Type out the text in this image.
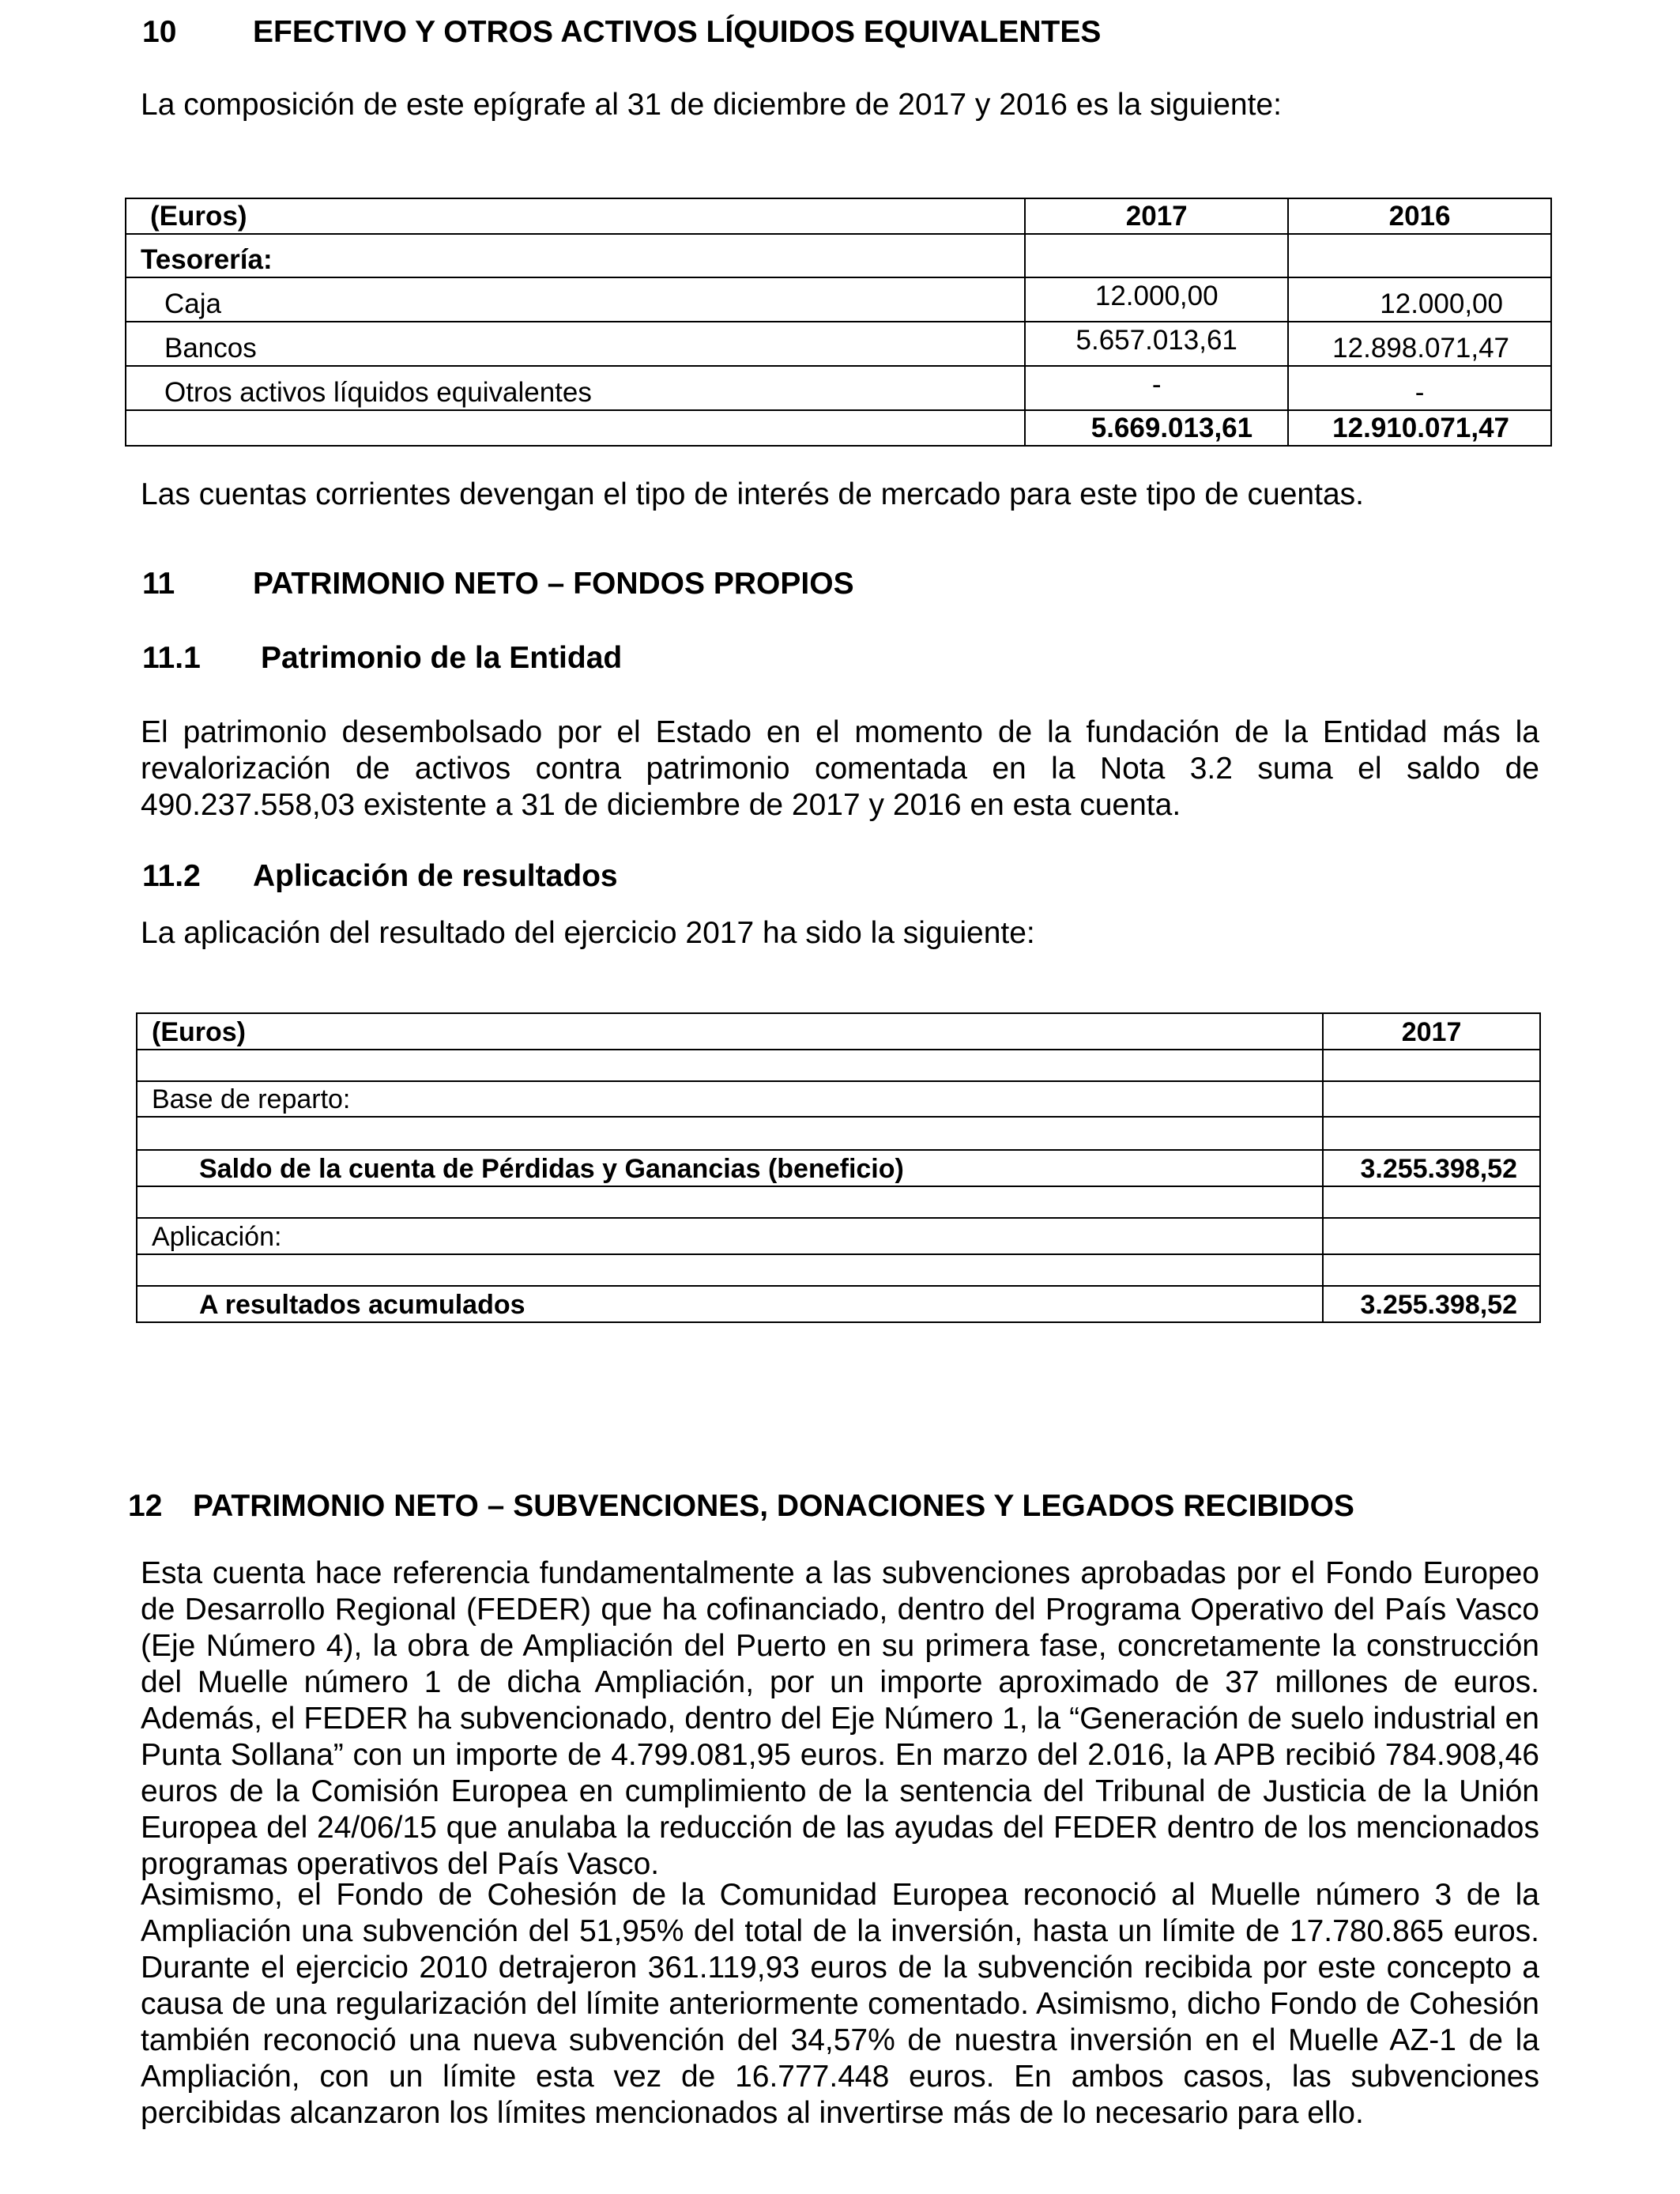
10 EFECTIVO Y OTROS ACTIVOS LÍQUIDOS EQUIVALENTES
La composición de este epígrafe al 31 de diciembre de 2017 y 2016 es la siguiente:
(Euros)	2017	2016
Tesorería:		
Caja	12.000,00	12.000,00
Bancos	5.657.013,61	12.898.071,47
Otros activos líquidos equivalentes	-	-
	5.669.013,61	12.910.071,47
Las cuentas corrientes devengan el tipo de interés de mercado para este tipo de cuentas.
11	PATRIMONIO NETO – FONDOS PROPIOS
11.1 Patrimonio de la Entidad
El patrimonio desembolsado por el Estado en el momento de la fundación de la Entidad más la revalorización de activos contra patrimonio comentada en la Nota 3.2 suma el saldo de 490.237.558,03 existente a 31 de diciembre de 2017 y 2016 en esta cuenta.
11.2 Aplicación de resultados
La aplicación del resultado del ejercicio 2017 ha sido la siguiente:
(Euros)	2017

Base de reparto:	

Saldo de la cuenta de Pérdidas y Ganancias (beneficio)	3.255.398,52

Aplicación:	

A resultados acumulados	3.255.398,52
12 PATRIMONIO NETO – SUBVENCIONES, DONACIONES Y LEGADOS RECIBIDOS
Esta cuenta hace referencia fundamentalmente a las subvenciones aprobadas por el Fondo Europeo de Desarrollo Regional (FEDER) que ha cofinanciado, dentro del Programa Operativo del País Vasco (Eje Número 4), la obra de Ampliación del Puerto en su primera fase, concretamente la construcción del Muelle número 1 de dicha Ampliación, por un importe aproximado de 37 millones de euros. Además, el FEDER ha subvencionado, dentro del Eje Número 1, la “Generación de suelo industrial en Punta Sollana” con un importe de 4.799.081,95 euros. En marzo del 2.016, la APB recibió 784.908,46 euros de la Comisión Europea en cumplimiento de la sentencia del Tribunal de Justicia de la Unión Europea del 24/06/15 que anulaba la reducción de las ayudas del FEDER dentro de los mencionados programas operativos del País Vasco.
Asimismo, el Fondo de Cohesión de la Comunidad Europea reconoció al Muelle número 3 de la Ampliación una subvención del 51,95% del total de la inversión, hasta un límite de 17.780.865 euros. Durante el ejercicio 2010 detrajeron 361.119,93 euros de la subvención recibida por este concepto a causa de una regularización del límite anteriormente comentado. Asimismo, dicho Fondo de Cohesión también reconoció una nueva subvención del 34,57% de nuestra inversión en el Muelle AZ-1 de la Ampliación, con un límite esta vez de 16.777.448 euros. En ambos casos, las subvenciones percibidas alcanzaron los límites mencionados al invertirse más de lo necesario para ello.
